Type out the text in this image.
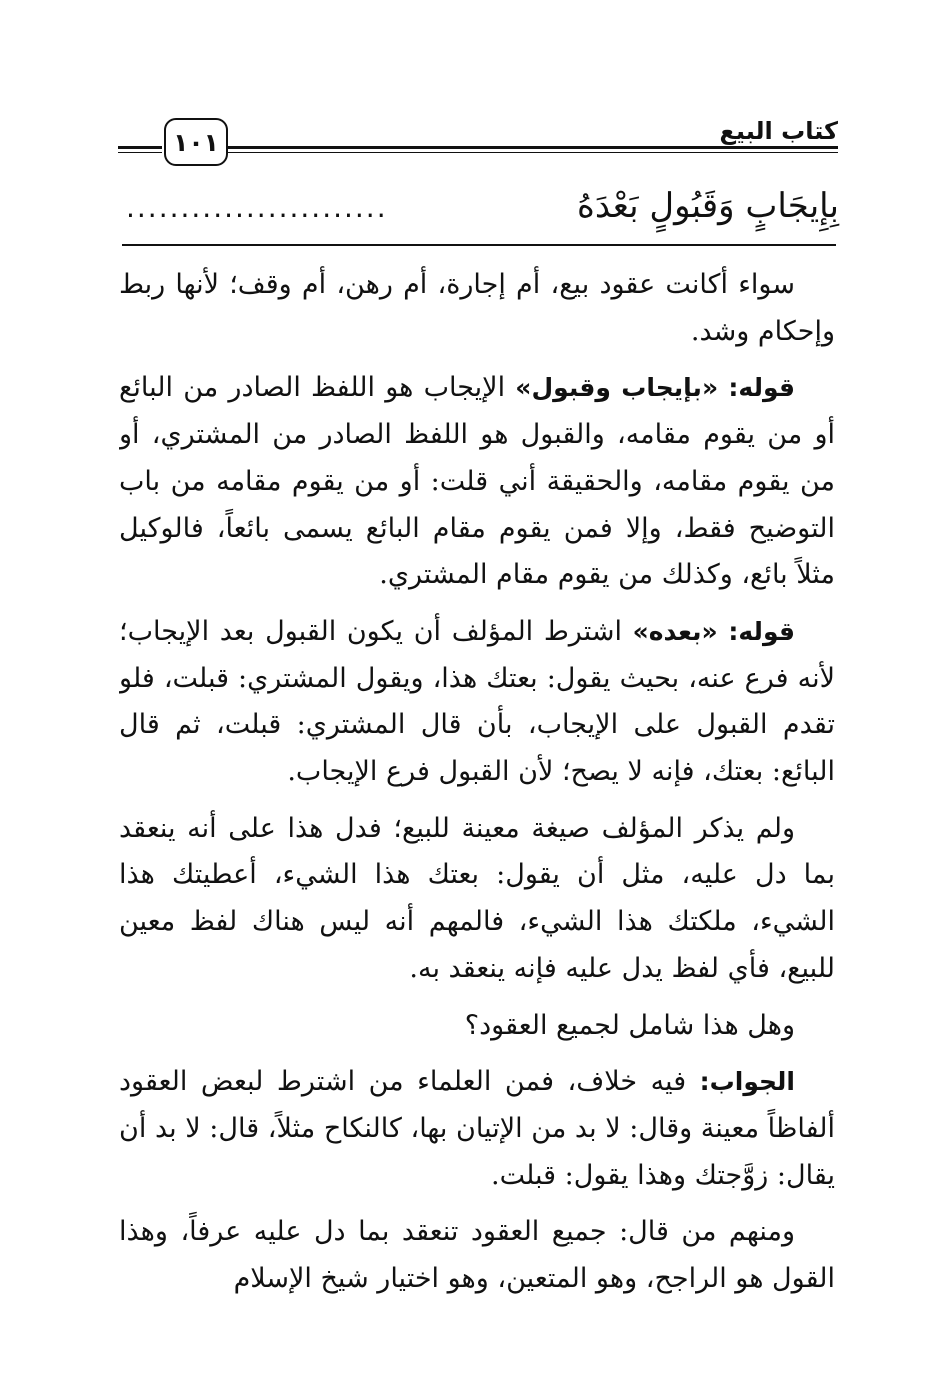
كتاب البيع
١٠١
بِإِيجَابٍ وَقَبُولٍ بَعْدَهُ
........................

سواء أكانت عقود بيع، أم إجارة، أم رهن، أم وقف؛ لأنها ربط وإحكام وشد.

قوله: «بإيجاب وقبول» الإيجاب هو اللفظ الصادر من البائع أو من يقوم مقامه، والقبول هو اللفظ الصادر من المشتري، أو من يقوم مقامه، والحقيقة أني قلت: أو من يقوم مقامه من باب التوضيح فقط، وإلا فمن يقوم مقام البائع يسمى بائعاً، فالوكيل مثلاً بائع، وكذلك من يقوم مقام المشتري.

قوله: «بعده» اشترط المؤلف أن يكون القبول بعد الإيجاب؛ لأنه فرع عنه، بحيث يقول: بعتك هذا، ويقول المشتري: قبلت، فلو تقدم القبول على الإيجاب، بأن قال المشتري: قبلت، ثم قال البائع: بعتك، فإنه لا يصح؛ لأن القبول فرع الإيجاب.

ولم يذكر المؤلف صيغة معينة للبيع؛ فدل هذا على أنه ينعقد بما دل عليه، مثل أن يقول: بعتك هذا الشيء، أعطيتك هذا الشيء، ملكتك هذا الشيء، فالمهم أنه ليس هناك لفظ معين للبيع، فأي لفظ يدل عليه فإنه ينعقد به.

وهل هذا شامل لجميع العقود؟

الجواب: فيه خلاف، فمن العلماء من اشترط لبعض العقود ألفاظاً معينة وقال: لا بد من الإتيان بها، كالنكاح مثلاً، قال: لا بد أن يقال: زوَّجتك وهذا يقول: قبلت.

ومنهم من قال: جميع العقود تنعقد بما دل عليه عرفاً، وهذا القول هو الراجح، وهو المتعين، وهو اختيار شيخ الإسلام
